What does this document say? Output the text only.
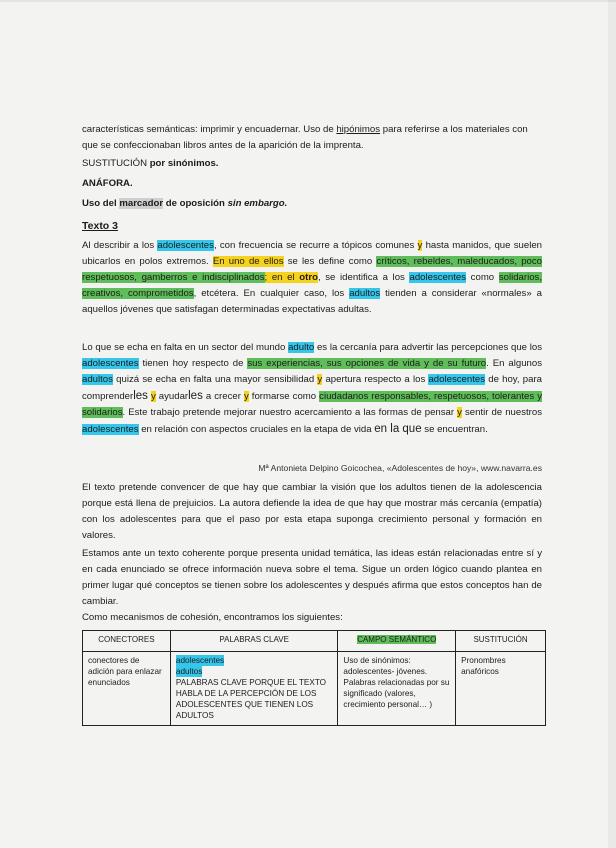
características semánticas: imprimir y encuadernar. Uso de hipónimos para referirse a los materiales con que se confeccionaban libros antes de la aparición de la imprenta.

SUSTITUCIÓN por sinónimos.

ANÁFORA.

Uso del marcador de oposición sin embargo.

Texto 3

Al describir a los adolescentes, con frecuencia se recurre a tópicos comunes y hasta manidos, que suelen ubicarlos en polos extremos. En uno de ellos se les define como críticos, rebeldes, maleducados, poco respetuosos, gamberros e indisciplinados; en el otro, se identifica a los adolescentes como solidarios, creativos, comprometidos, etcétera. En cualquier caso, los adultos tienden a considerar «normales» a aquellos jóvenes que satisfagan determinadas expectativas adultas.

Lo que se echa en falta en un sector del mundo adulto es la cercanía para advertir las percepciones que los adolescentes tienen hoy respecto de sus experiencias, sus opciones de vida y de su futuro. En algunos adultos quizá se echa en falta una mayor sensibilidad y apertura respecto a los adolescentes de hoy, para comprenderles y ayudarles a crecer y formarse como ciudadanos responsables, respetuosos, tolerantes y solidarios. Este trabajo pretende mejorar nuestro acercamiento a las formas de pensar y sentir de nuestros adolescentes en relación con aspectos cruciales en la etapa de vida en la que se encuentran.

Mª Antonieta Delpino Goicochea, «Adolescentes de hoy», www.navarra.es

El texto pretende convencer de que hay que cambiar la visión que los adultos tienen de la adolescencia porque está llena de prejuicios. La autora defiende la idea de que hay que mostrar más cercanía (empatía) con los adolescentes para que el paso por esta etapa suponga crecimiento personal y formación en valores.

Estamos ante un texto coherente porque presenta unidad temática, las ideas están relacionadas entre sí y en cada enunciado se ofrece información nueva sobre el tema. Sigue un orden lógico cuando plantea en primer lugar qué conceptos se tienen sobre los adolescentes y después afirma que estos conceptos han de cambiar.

Como mecanismos de cohesión, encontramos los siguientes:

CONECTORES	PALABRAS CLAVE	CAMPO SEMÁNTICO	SUSTITUCIÓN
conectores de adición para enlazar enunciados	adolescentes
adultos
PALABRAS CLAVE PORQUE EL TEXTO HABLA DE LA PERCEPCIÓN DE LOS ADOLESCENTES QUE TIENEN LOS ADULTOS	Uso de sinónimos: adolescentes- jóvenes. Palabras relacionadas por su significado (valores, crecimiento personal… )	Pronombres anafóricos
